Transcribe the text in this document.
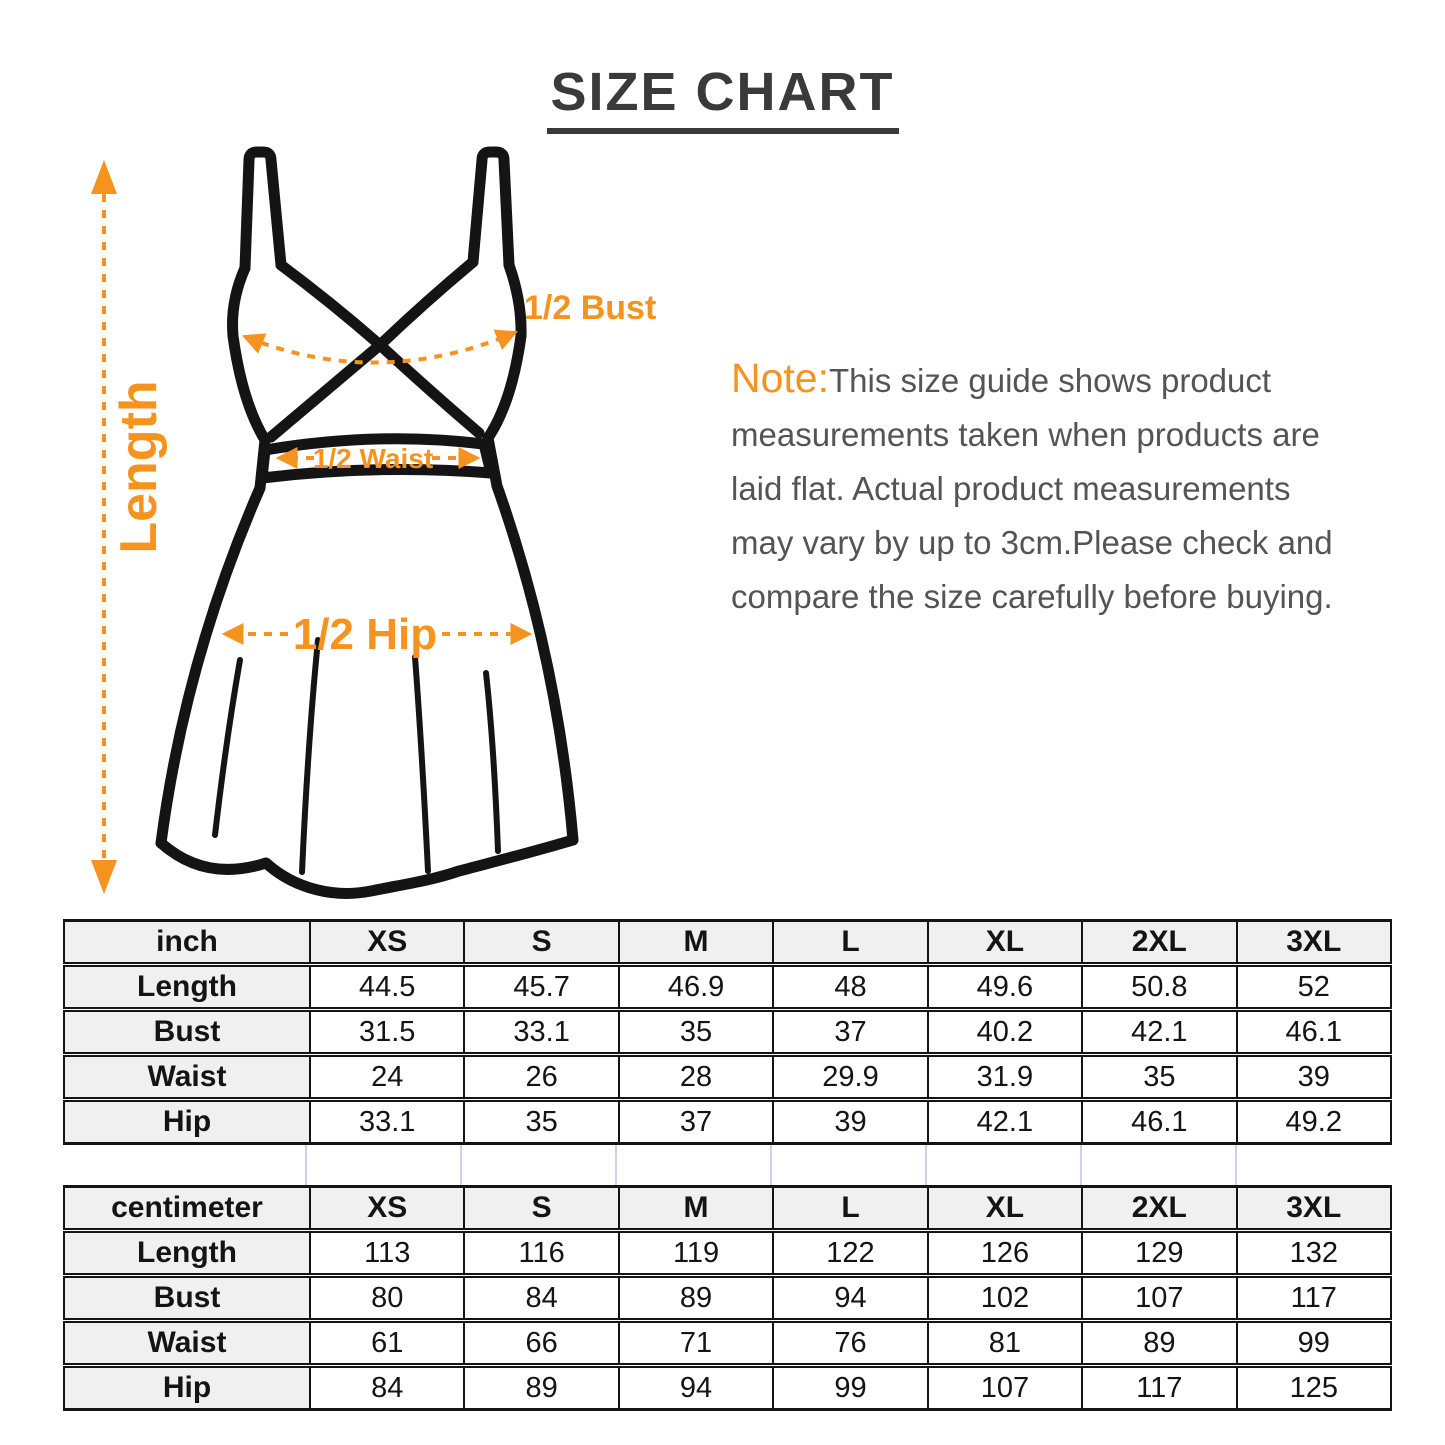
SIZE CHART
Length
1/2 Bust
1/2 Waist
1/2 Hip

Note:This size guide shows product
measurements taken when products are
laid flat. Actual product measurements
may vary by up to 3cm.Please check and
compare the size carefully before buying.

inch	XS	S	M	L	XL	2XL	3XL
Length	44.5	45.7	46.9	48	49.6	50.8	52
Bust	31.5	33.1	35	37	40.2	42.1	46.1
Waist	24	26	28	29.9	31.9	35	39
Hip	33.1	35	37	39	42.1	46.1	49.2
centimeter	XS	S	M	L	XL	2XL	3XL
Length	113	116	119	122	126	129	132
Bust	80	84	89	94	102	107	117
Waist	61	66	71	76	81	89	99
Hip	84	89	94	99	107	117	125
